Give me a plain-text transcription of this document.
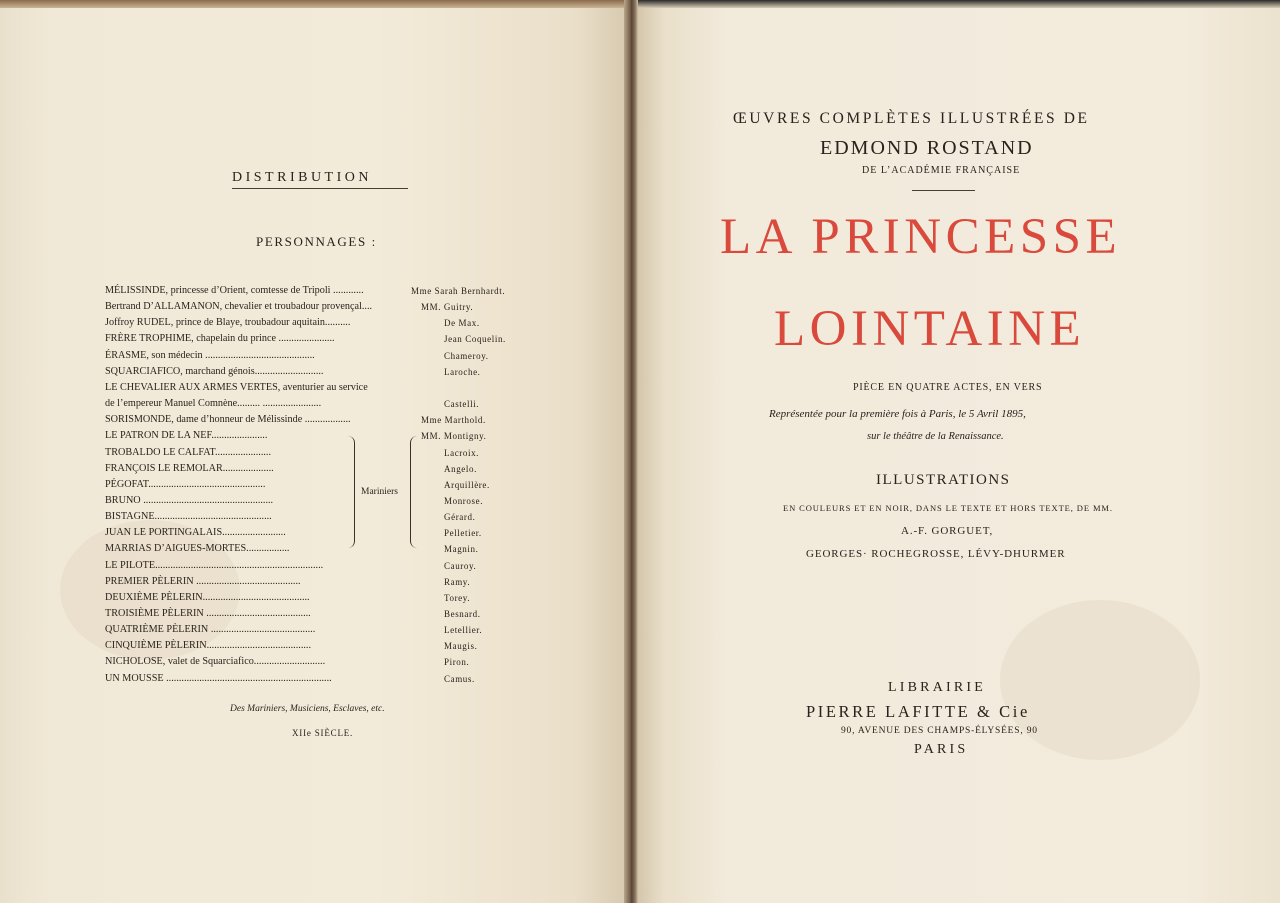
DISTRIBUTION
PERSONNAGES :
MÉLISSINDE, princesse d’Orient, comtesse de Tripoli ............	Mme Sarah Bernhardt.
Bertrand D’ALLAMANON, chevalier et troubadour provençal....	MM. Guitry.
Joffroy RUDEL, prince de Blaye, troubadour aquitain..........	De Max.
FRÈRE TROPHIME, chapelain du prince ......................	Jean Coquelin.
ÉRASME, son médecin ...........................................	Chameroy.
SQUARCIAFICO, marchand génois...........................	Laroche.
LE CHEVALIER AUX ARMES VERTES, aventurier au service
de l’empereur Manuel Comnène......... .......................	Castelli.
SORISMONDE, dame d’honneur de Mélissinde ..................	Mme Marthold.
LE PATRON DE LA NEF......................	MM. Montigny.
TROBALDO LE CALFAT......................	Lacroix.
FRANÇOIS LE REMOLAR....................	Angelo.
PÉGOFAT..............................................	Arquillère.
BRUNO ...................................................	Monrose.
BISTAGNE..............................................	Gérard.
JUAN LE PORTINGALAIS.........................	Pelletier.
MARRIAS D’AIGUES-MORTES.................	Magnin.
LE PILOTE..................................................................	Cauroy.
PREMIER PÈLERIN .........................................	Ramy.
DEUXIÈME PÈLERIN..........................................	Torey.
TROISIÈME PÈLERIN .........................................	Besnard.
QUATRIÈME PÈLERIN .........................................	Letellier.
CINQUIÈME PÈLERIN.........................................	Maugis.
NICHOLOSE, valet de Squarciafico............................	Piron.
UN MOUSSE .................................................................	Camus.
Mariniers
Des Mariniers, Musiciens, Esclaves, etc.
XIIe SIÈCLE.
ŒUVRES COMPLÈTES ILLUSTRÉES DE
EDMOND ROSTAND
DE L’ACADÉMIE FRANÇAISE
LA PRINCESSE
LOINTAINE
PIÈCE EN QUATRE ACTES, EN VERS
Représentée pour la première fois à Paris, le 5 Avril 1895,
sur le théâtre de la Renaissance.
ILLUSTRATIONS
EN COULEURS ET EN NOIR, DANS LE TEXTE ET HORS TEXTE, DE MM.
A.-F. GORGUET,
GEORGES· ROCHEGROSSE, LÉVY-DHURMER
LIBRAIRIE
PIERRE LAFITTE & Cie
90, AVENUE DES CHAMPS-ÉLYSÉES, 90
PARIS
